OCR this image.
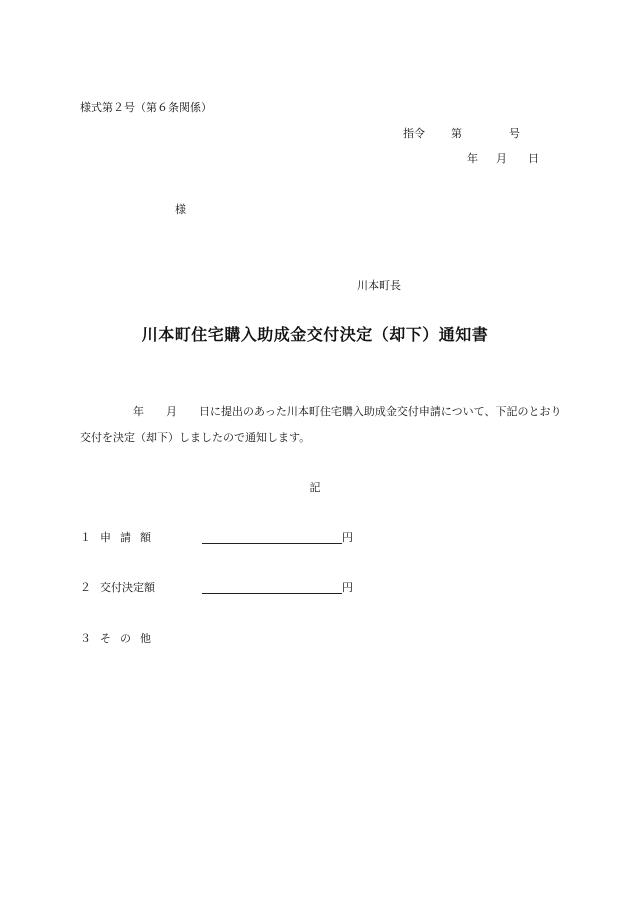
様式第２号（第６条関係）
指令 第	号
年 月 日
様
川本町長
川本町住宅購入助成金交付決定（却下）通知書
年 月 日に提出のあった川本町住宅購入助成金交付申請について、下記のとおり
交付を決定（却下）しましたので通知します。
記
１ 申請額	円
２ 交付決定額	円
３ その他
